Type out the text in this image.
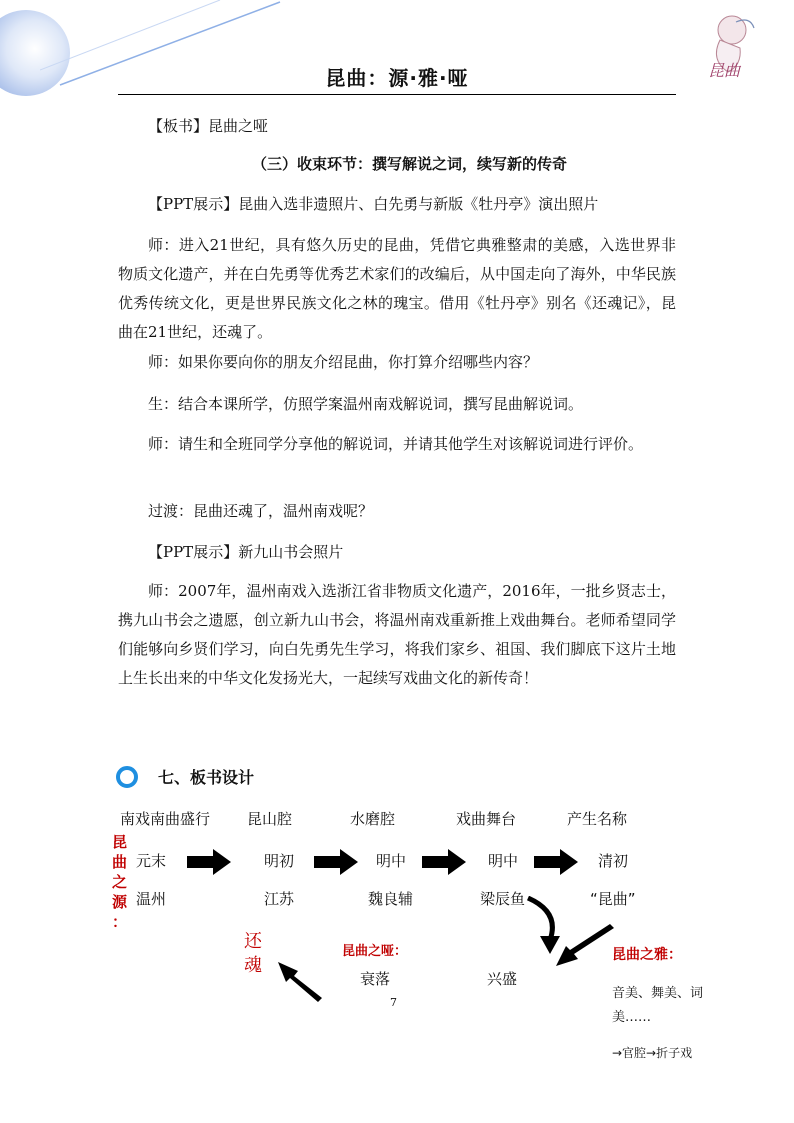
昆曲：源·雅·哑	昆曲
【板书】昆曲之哑
（三）收束环节：撰写解说之词，续写新的传奇
【PPT展示】昆曲入选非遗照片、白先勇与新版《牡丹亭》演出照片
师：进入21世纪，具有悠久历史的昆曲，凭借它典雅整肃的美感，入选世界非物质文化遗产，并在白先勇等优秀艺术家们的改编后，从中国走向了海外，中华民族优秀传统文化，更是世界民族文化之林的瑰宝。借用《牡丹亭》别名《还魂记》，昆曲在21世纪，还魂了。
师：如果你要向你的朋友介绍昆曲，你打算介绍哪些内容？
生：结合本课所学，仿照学案温州南戏解说词，撰写昆曲解说词。
师：请生和全班同学分享他的解说词，并请其他学生对该解说词进行评价。
过渡：昆曲还魂了，温州南戏呢？
【PPT展示】新九山书会照片
师：2007年，温州南戏入选浙江省非物质文化遗产，2016年，一批乡贤志士，携九山书会之遗愿，创立新九山书会，将温州南戏重新推上戏曲舞台。老师希望同学们能够向乡贤们学习，向白先勇先生学习，将我们家乡、祖国、我们脚底下这片土地上生长出来的中华文化发扬光大，一起续写戏曲文化的新传奇！
七、板书设计
南戏南曲盛行 昆山腔	水磨腔	戏曲舞台	产生名称
昆
曲
之
源
：
元末	明初	明中	明中	清初
温州	江苏	魏良辅	梁辰鱼	“昆曲”
还
魂
昆曲之哑：
衰落	兴盛
昆曲之雅：
音美、舞美、词
美……
→官腔→折子戏
7
